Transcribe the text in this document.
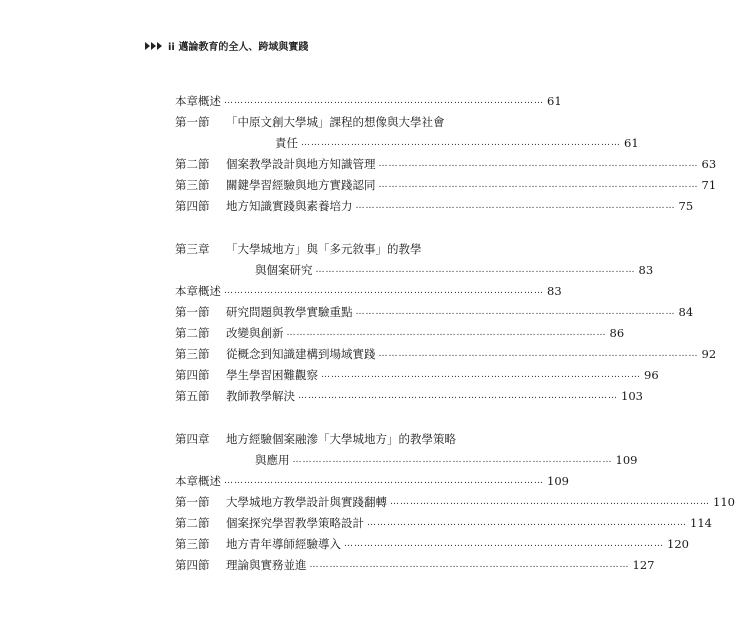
ii 邁論教育的全人、跨域與實踐
本章概述 …………………………………………………………………………………… 61
第一節	「中原文創大學城」課程的想像與大學社會
責任 …………………………………………………………………………………… 61
第二節	個案教學設計與地方知識管理 …………………………………………………………………………………… 63
第三節	關鍵學習經驗與地方實踐認同 …………………………………………………………………………………… 71
第四節	地方知識實踐與素養培力 …………………………………………………………………………………… 75
第三章	「大學城地方」與「多元敘事」的教學
與個案研究 …………………………………………………………………………………… 83
本章概述 …………………………………………………………………………………… 83
第一節	研究問題與教學實驗重點 …………………………………………………………………………………… 84
第二節	改變與創新 …………………………………………………………………………………… 86
第三節	從概念到知識建構到場域實踐 …………………………………………………………………………………… 92
第四節	學生學習困難觀察 …………………………………………………………………………………… 96
第五節	教師教學解決 …………………………………………………………………………………… 103
第四章	地方經驗個案融滲「大學城地方」的教學策略
與應用 …………………………………………………………………………………… 109
本章概述 …………………………………………………………………………………… 109
第一節	大學城地方教學設計與實踐翻轉 …………………………………………………………………………………… 110
第二節	個案探究學習教學策略設計 …………………………………………………………………………………… 114
第三節	地方青年導師經驗導入 …………………………………………………………………………………… 120
第四節	理論與實務並進 …………………………………………………………………………………… 127
